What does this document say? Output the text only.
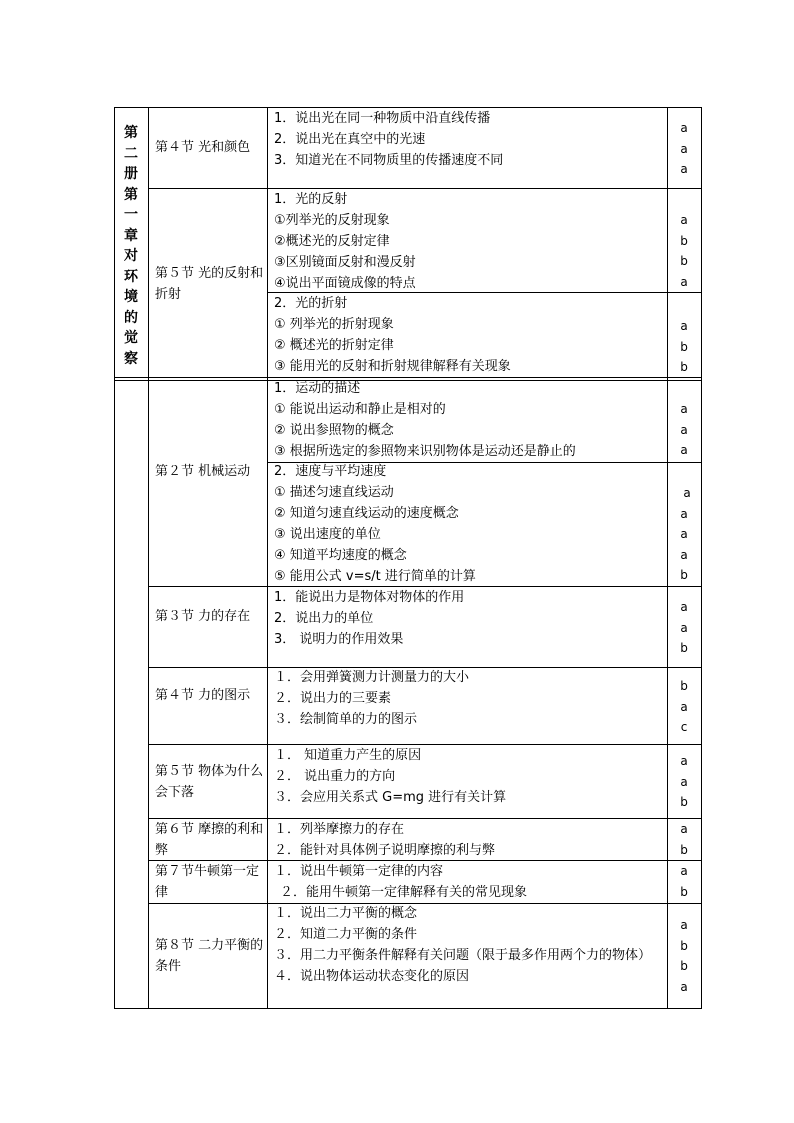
第二册第一章对环境的觉察
第４节 光和颜色
1．说出光在同一种物质中沿直线传播
2．说出光在真空中的光速
3．知道光在不同物质里的传播速度不同
a
a
a
第５节 光的反射和折射
1．光的反射
①列举光的反射现象
②概述光的反射定律
③区别镜面反射和漫反射
④说出平面镜成像的特点
a
b
b
a
2．光的折射
① 列举光的折射现象
② 概述光的折射定律
③ 能用光的反射和折射规律解释有关现象
a
b
b
1．运动的描述
① 能说出运动和静止是相对的
② 说出参照物的概念
③ 根据所选定的参照物来识别物体是运动还是静止的
a
a
a
第２节 机械运动	2．速度与平均速度
① 描述匀速直线运动
② 知道匀速直线运动的速度概念
③ 说出速度的单位
④ 知道平均速度的概念
⑤ 能用公式 v=s/t 进行简单的计算
a
a
a
a
b
第３节 力的存在
1．能说出力是物体对物体的作用
2．说出力的单位
3． 说明力的作用效果
a
a
b
第４节 力的图示
１．会用弹簧测力计测量力的大小
２．说出力的三要素
３．绘制简单的力的图示
b
a
c
第５节 物体为什么会下落
１． 知道重力产生的原因
２． 说出重力的方向
３．会应用关系式 G=mg 进行有关计算
a
a
b
第６节 摩擦的利和弊
１．列举摩擦力的存在
２．能针对具体例子说明摩擦的利与弊
a
b
第７节牛顿第一定律
１．说出牛顿第一定律的内容
２．能用牛顿第一定律解释有关的常见现象
a
b
第８节 二力平衡的条件
１．说出二力平衡的概念
２．知道二力平衡的条件
３．用二力平衡条件解释有关问题（限于最多作用两个力的物体）
４．说出物体运动状态变化的原因
a
b
b
a
